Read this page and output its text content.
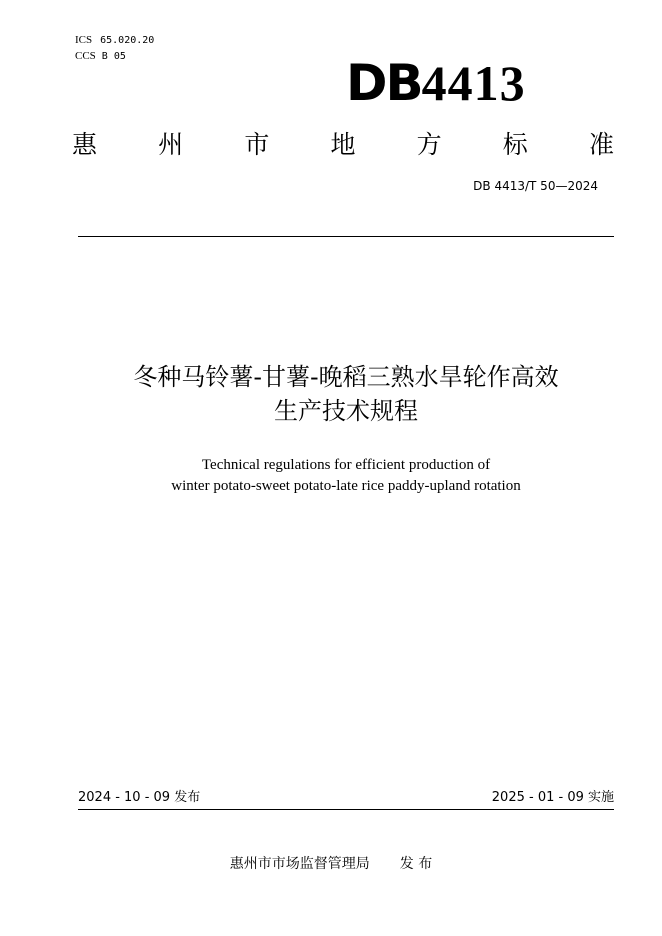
ICS 65.020.20
CCS B 05	DB4413
惠 州 市 地 方 标 准
DB 4413/T 50—2024
冬种马铃薯-甘薯-晚稻三熟水旱轮作高效
生产技术规程
Technical regulations for efficient production of
winter potato-sweet potato-late rice paddy-upland rotation
2024 - 10 - 09 发布	2025 - 01 - 09 实施
惠州市市场监督管理局 发 布
